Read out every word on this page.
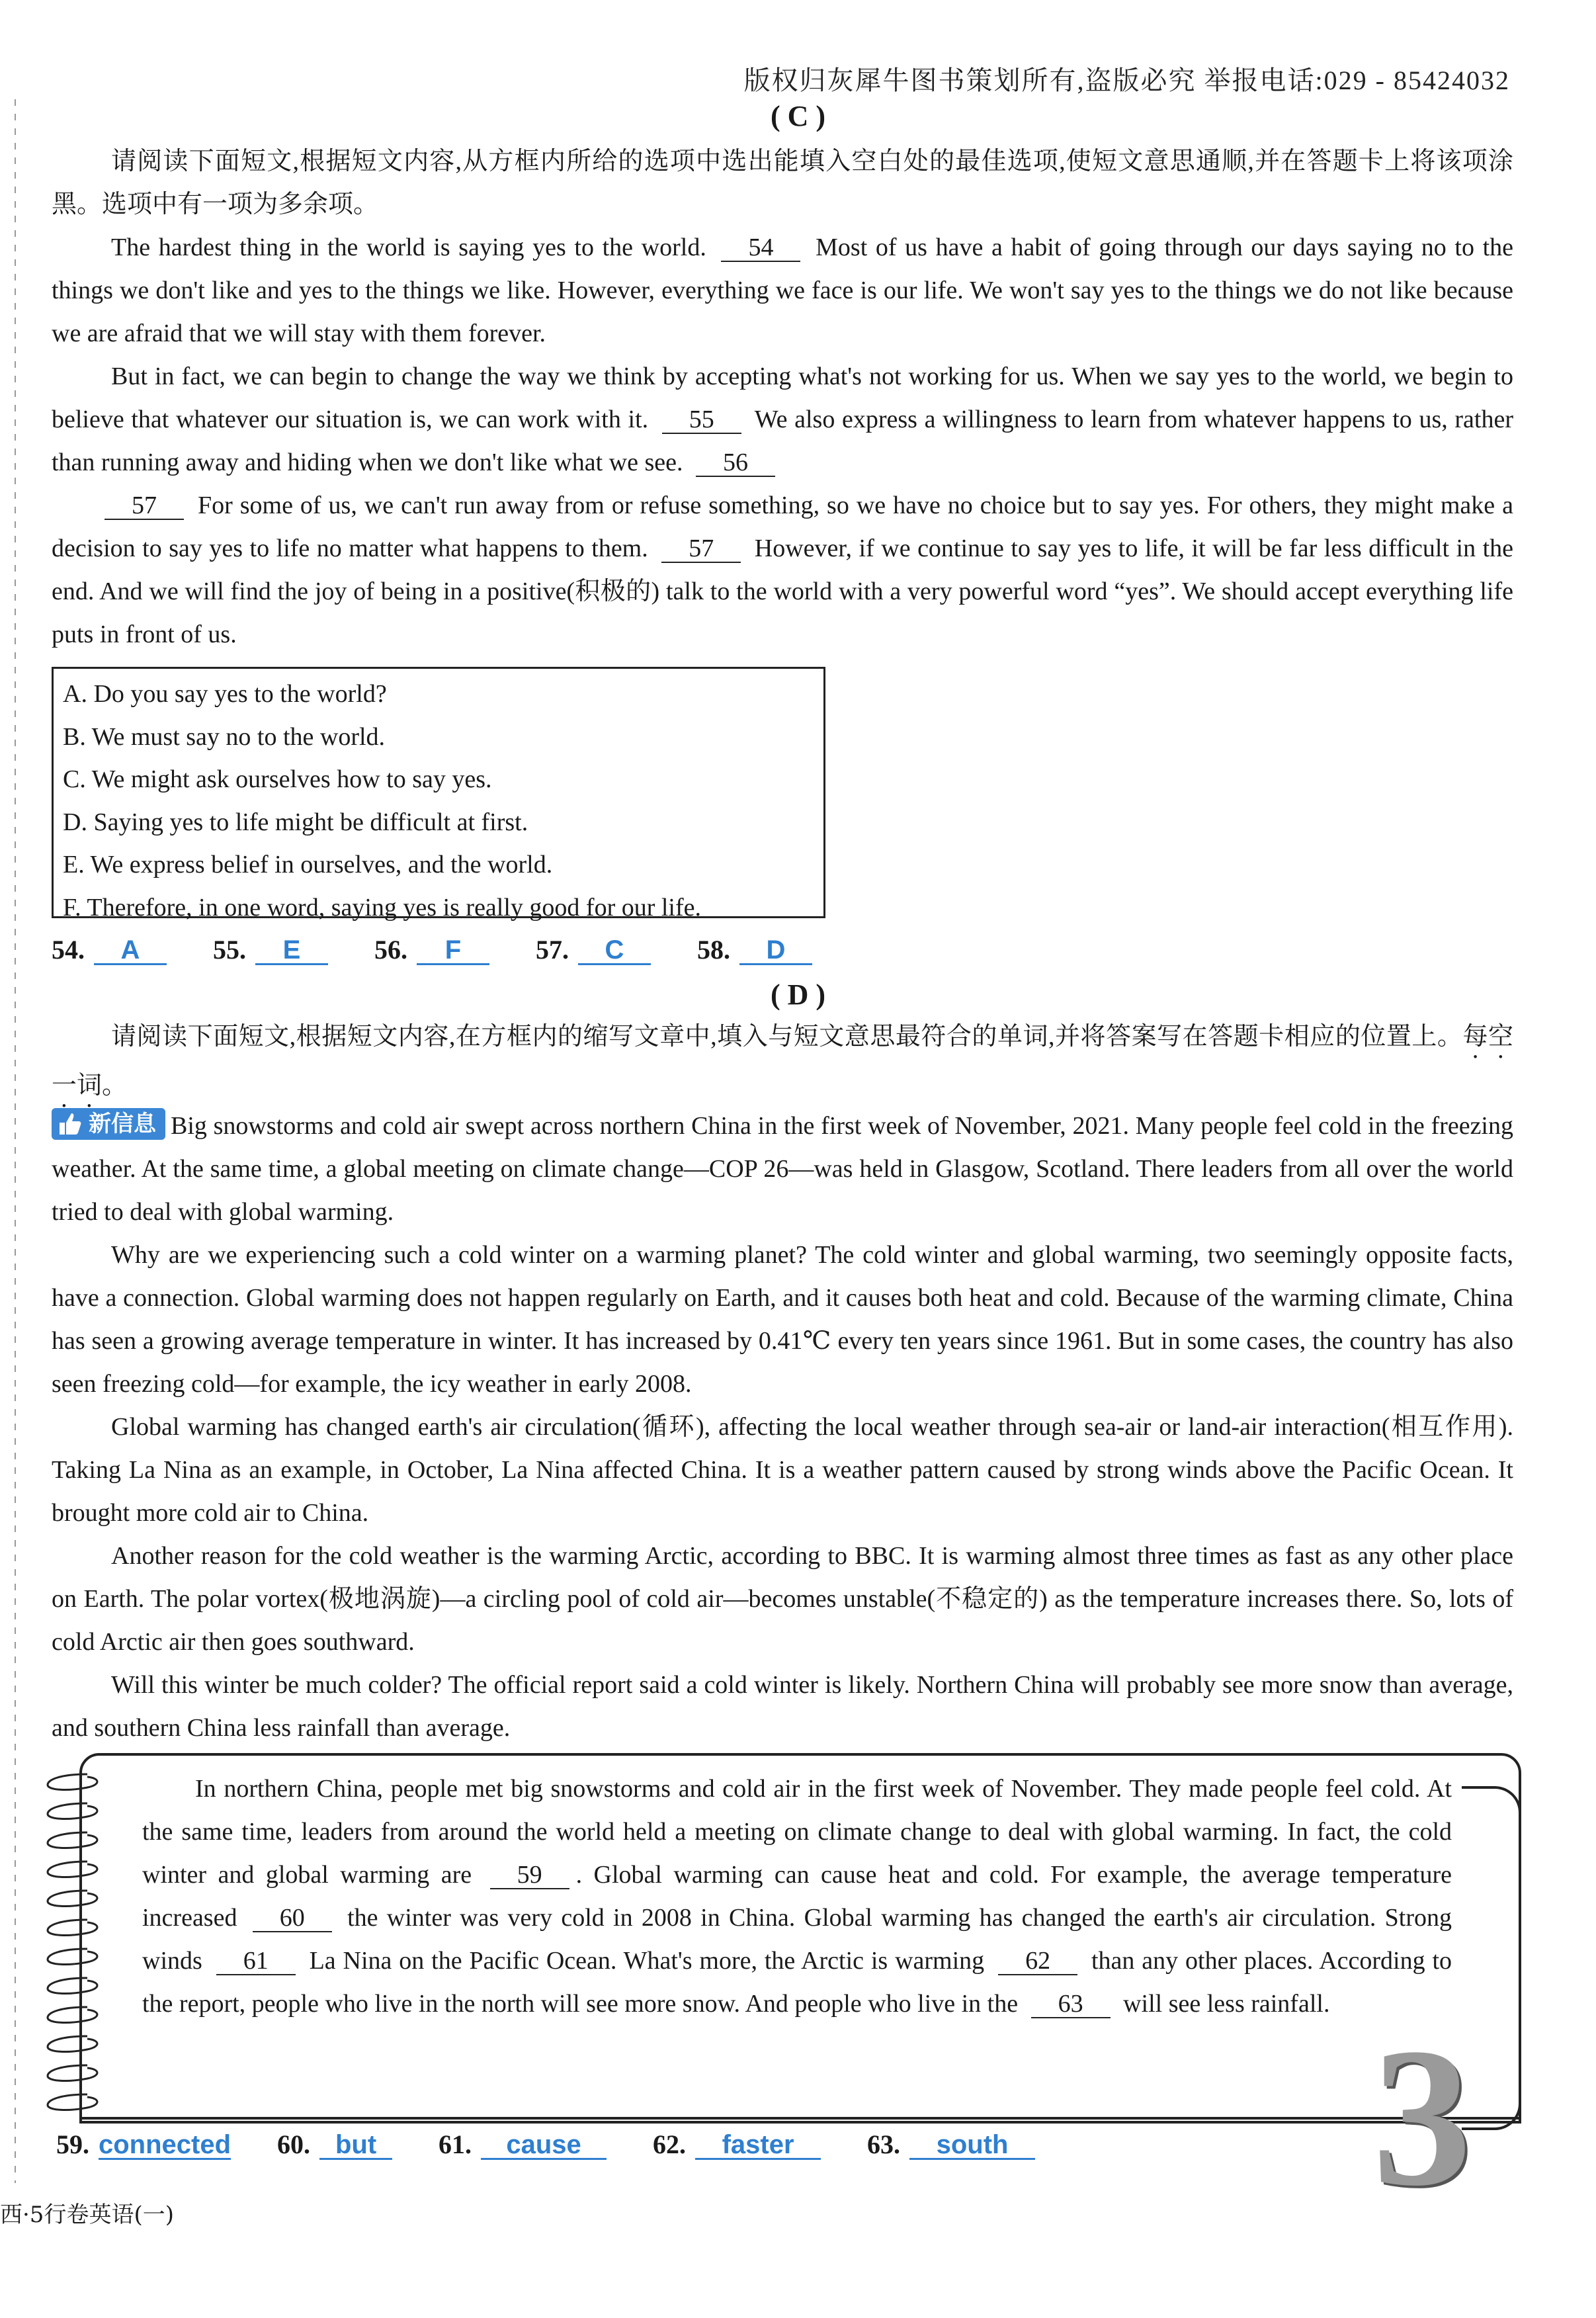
版权归灰犀牛图书策划所有,盗版必究 举报电话:029 - 85424032
( C )
请阅读下面短文,根据短文内容,从方框内所给的选项中选出能填入空白处的最佳选项,使短文意思通顺,并在答题卡上将该项涂黑。选项中有一项为多余项。
The hardest thing in the world is saying yes to the world. 54 Most of us have a habit of going through our days saying no to the things we don't like and yes to the things we like. However, everything we face is our life. We won't say yes to the things we do not like because we are afraid that we will stay with them forever.
But in fact, we can begin to change the way we think by accepting what's not working for us. When we say yes to the world, we begin to believe that whatever our situation is, we can work with it. 55 We also express a willingness to learn from whatever happens to us, rather than running away and hiding when we don't like what we see. 56
57 For some of us, we can't run away from or refuse something, so we have no choice but to say yes. For others, they might make a decision to say yes to life no matter what happens to them. 57 However, if we continue to say yes to life, it will be far less difficult in the end. And we will find the joy of being in a positive(积极的) talk to the world with a very powerful word “yes”. We should accept everything life puts in front of us.
A. Do you say yes to the world?
B. We must say no to the world.
C. We might ask ourselves how to say yes.
D. Saying yes to life might be difficult at first.
E. We express belief in ourselves, and the world.
F. Therefore, in one word, saying yes is really good for our life.
54. A	55. E	56. F	57. C	58. D
( D )
请阅读下面短文,根据短文内容,在方框内的缩写文章中,填入与短文意思最符合的单词,并将答案写在答题卡相应的位置上。每空一词。
新信息 Big snowstorms and cold air swept across northern China in the first week of November, 2021. Many people feel cold in the freezing weather. At the same time, a global meeting on climate change—COP 26—was held in Glasgow, Scotland. There leaders from all over the world tried to deal with global warming.
Why are we experiencing such a cold winter on a warming planet? The cold winter and global warming, two seemingly opposite facts, have a connection. Global warming does not happen regularly on Earth, and it causes both heat and cold. Because of the warming climate, China has seen a growing average temperature in winter. It has increased by 0.41℃ every ten years since 1961. But in some cases, the country has also seen freezing cold—for example, the icy weather in early 2008.
Global warming has changed earth's air circulation(循环), affecting the local weather through sea-air or land-air interaction(相互作用). Taking La Nina as an example, in October, La Nina affected China. It is a weather pattern caused by strong winds above the Pacific Ocean. It brought more cold air to China.
Another reason for the cold weather is the warming Arctic, according to BBC. It is warming almost three times as fast as any other place on Earth. The polar vortex(极地涡旋)—a circling pool of cold air—becomes unstable(不稳定的) as the temperature increases there. So, lots of cold Arctic air then goes southward.
Will this winter be much colder? The official report said a cold winter is likely. Northern China will probably see more snow than average, and southern China less rainfall than average.
In northern China, people met big snowstorms and cold air in the first week of November. They made people feel cold. At the same time, leaders from around the world held a meeting on climate change to deal with global warming. In fact, the cold winter and global warming are 59 . Global warming can cause heat and cold. For example, the average temperature increased 60 the winter was very cold in 2008 in China. Global warming has changed the earth's air circulation. Strong winds 61 La Nina on the Pacific Ocean. What's more, the Arctic is warming 62 than any other places. According to the report, people who live in the north will see more snow. And people who live in the 63 will see less rainfall.
3
59. connected 60. but 61. cause	62. faster	63. south
西·5行卷英语(一)
